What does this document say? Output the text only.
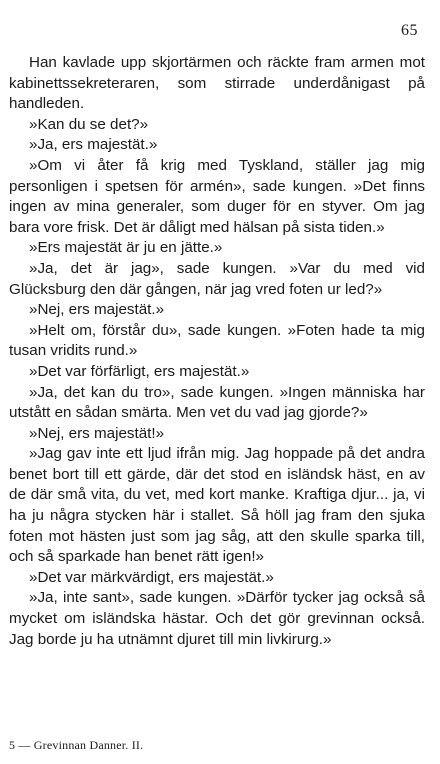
65

Han kavlade upp skjortärmen och räckte fram armen mot kabinettssekreteraren, som stirrade underdånigast på handleden.

»Kan du se det?»

»Ja, ers majestät.»

»Om vi åter få krig med Tyskland, ställer jag mig personligen i spetsen för armén», sade kungen. »Det finns ingen av mina generaler, som duger för en styver. Om jag bara vore frisk. Det är dåligt med hälsan på sista tiden.»

»Ers majestät är ju en jätte.»

»Ja, det är jag», sade kungen. »Var du med vid Glücksburg den där gången, när jag vred foten ur led?»

»Nej, ers majestät.»

»Helt om, förstår du», sade kungen. »Foten hade ta mig tusan vridits rund.»

»Det var förfärligt, ers majestät.»

»Ja, det kan du tro», sade kungen. »Ingen människa har utstått en sådan smärta. Men vet du vad jag gjorde?»

»Nej, ers majestät!»

»Jag gav inte ett ljud ifrån mig. Jag hoppade på det andra benet bort till ett gärde, där det stod en isländsk häst, en av de där små vita, du vet, med kort manke. Kraftiga djur... ja, vi ha ju några stycken här i stallet. Så höll jag fram den sjuka foten mot hästen just som jag såg, att den skulle sparka till, och så sparkade han benet rätt igen!»

»Det var märkvärdigt, ers majestät.»

»Ja, inte sant», sade kungen. »Därför tycker jag också så mycket om isländska hästar. Och det gör grevinnan också. Jag borde ju ha utnämnt djuret till min livkirurg.»

5 — Grevinnan Danner. II.
